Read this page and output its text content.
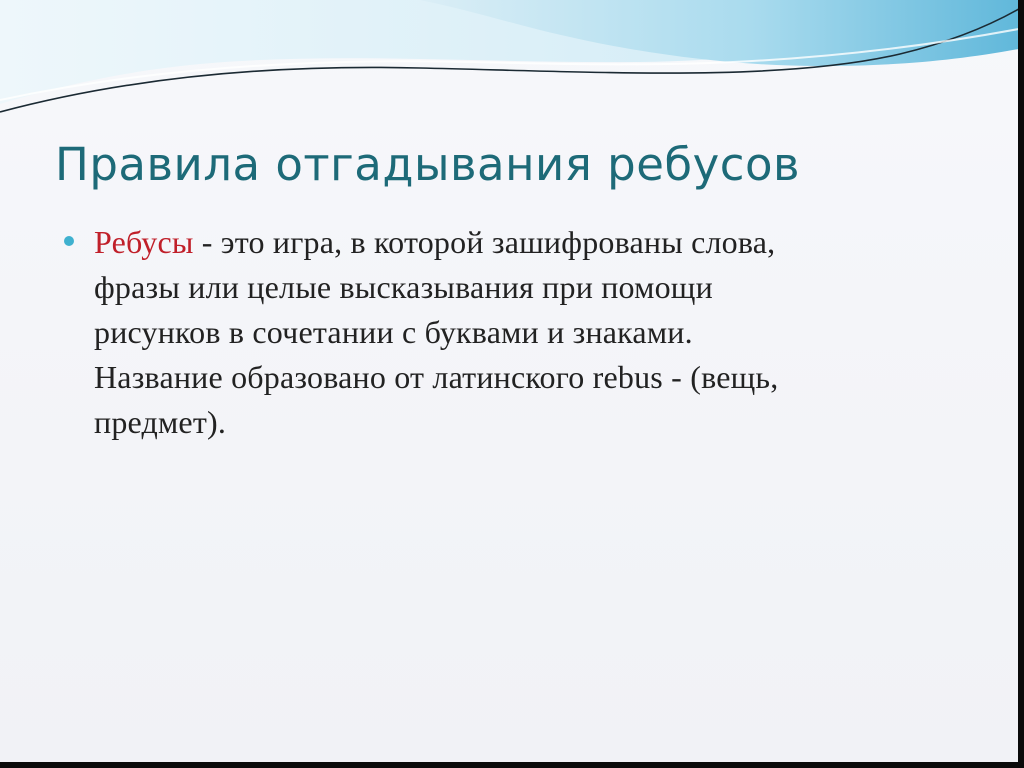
Правила отгадывания ребусов

Ребусы - это игра, в которой зашифрованы слова,
фразы или целые высказывания при помощи
рисунков в сочетании с буквами и знаками.
Название образовано от латинского rebus - (вещь,
предмет).
